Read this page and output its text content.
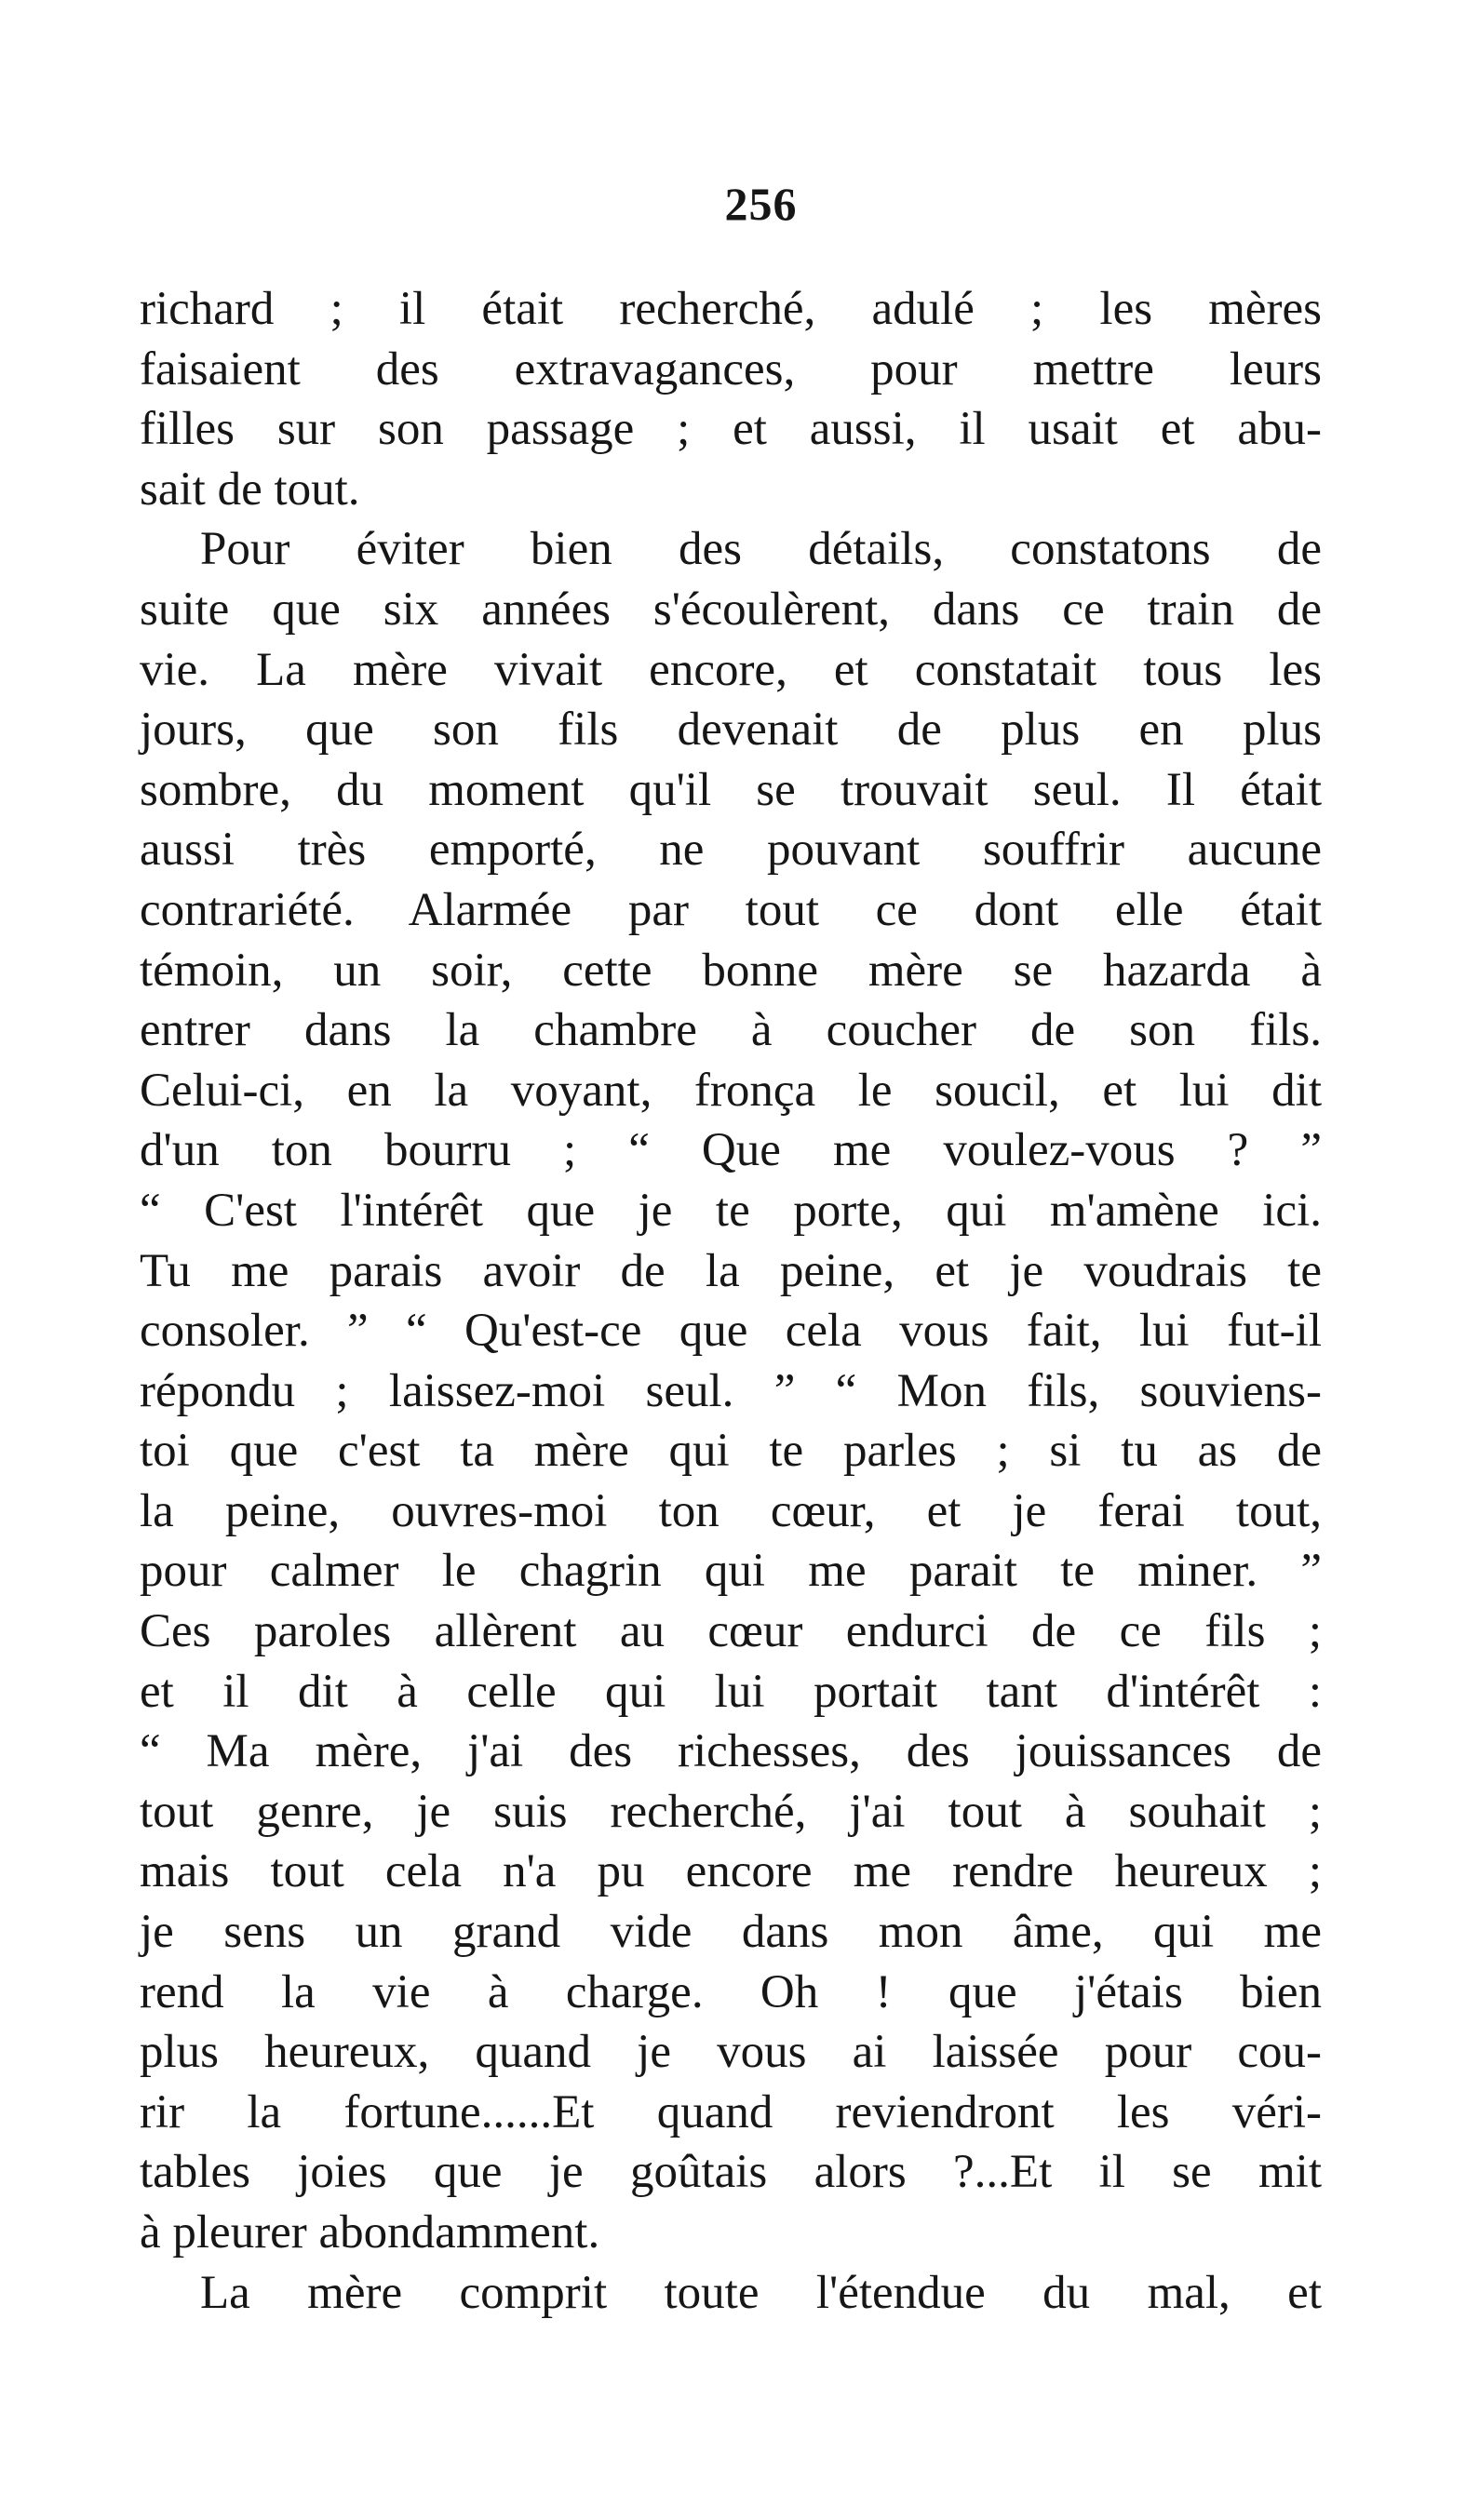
256
richard ; il était recherché, adulé ; les mères
faisaient des extravagances, pour mettre leurs
filles sur son passage ; et aussi, il usait et abu-
sait de tout.
Pour éviter bien des détails, constatons de
suite que six années s'écoulèrent, dans ce train de
vie. La mère vivait encore, et constatait tous les
jours, que son fils devenait de plus en plus
sombre, du moment qu'il se trouvait seul. Il était
aussi très emporté, ne pouvant souffrir aucune
contrariété. Alarmée par tout ce dont elle était
témoin, un soir, cette bonne mère se hazarda à
entrer dans la chambre à coucher de son fils.
Celui-ci, en la voyant, fronça le soucil, et lui dit
d'un ton bourru ; “ Que me voulez-vous ? ”
“ C'est l'intérêt que je te porte, qui m'amène ici.
Tu me parais avoir de la peine, et je voudrais te
consoler. ” “ Qu'est-ce que cela vous fait, lui fut-il
répondu ; laissez-moi seul. ” “ Mon fils, souviens-
toi que c'est ta mère qui te parles ; si tu as de
la peine, ouvres-moi ton cœur, et je ferai tout,
pour calmer le chagrin qui me parait te miner. ”
Ces paroles allèrent au cœur endurci de ce fils ;
et il dit à celle qui lui portait tant d'intérêt :
“ Ma mère, j'ai des richesses, des jouissances de
tout genre, je suis recherché, j'ai tout à souhait ;
mais tout cela n'a pu encore me rendre heureux ;
je sens un grand vide dans mon âme, qui me
rend la vie à charge. Oh ! que j'étais bien
plus heureux, quand je vous ai laissée pour cou-
rir la fortune......Et quand reviendront les véri-
tables joies que je goûtais alors ?...Et il se mit
à pleurer abondamment.
La mère comprit toute l'étendue du mal, et
